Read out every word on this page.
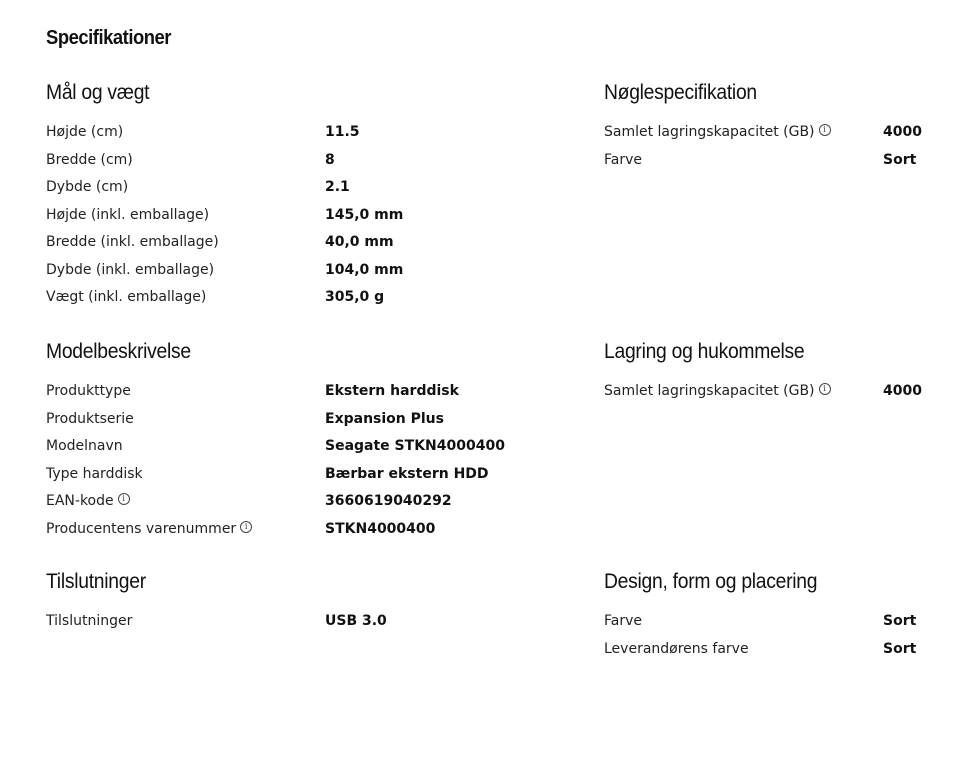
Specifikationer
Mål og vægt
Højde (cm)	11.5
Bredde (cm)	8
Dybde (cm)	2.1
Højde (inkl. emballage)	145,0 mm
Bredde (inkl. emballage)	40,0 mm
Dybde (inkl. emballage)	104,0 mm
Vægt (inkl. emballage)	305,0 g
Nøglespecifikation
Samlet lagringskapacitet (GB) i	4000
Farve	Sort
Modelbeskrivelse
Produkttype	Ekstern harddisk
Produktserie	Expansion Plus
Modelnavn	Seagate STKN4000400
Type harddisk	Bærbar ekstern HDD
EAN-kode i	3660619040292
Producentens varenummer i	STKN4000400
Lagring og hukommelse
Samlet lagringskapacitet (GB) i	4000
Tilslutninger
Tilslutninger	USB 3.0
Design, form og placering
Farve	Sort
Leverandørens farve	Sort
